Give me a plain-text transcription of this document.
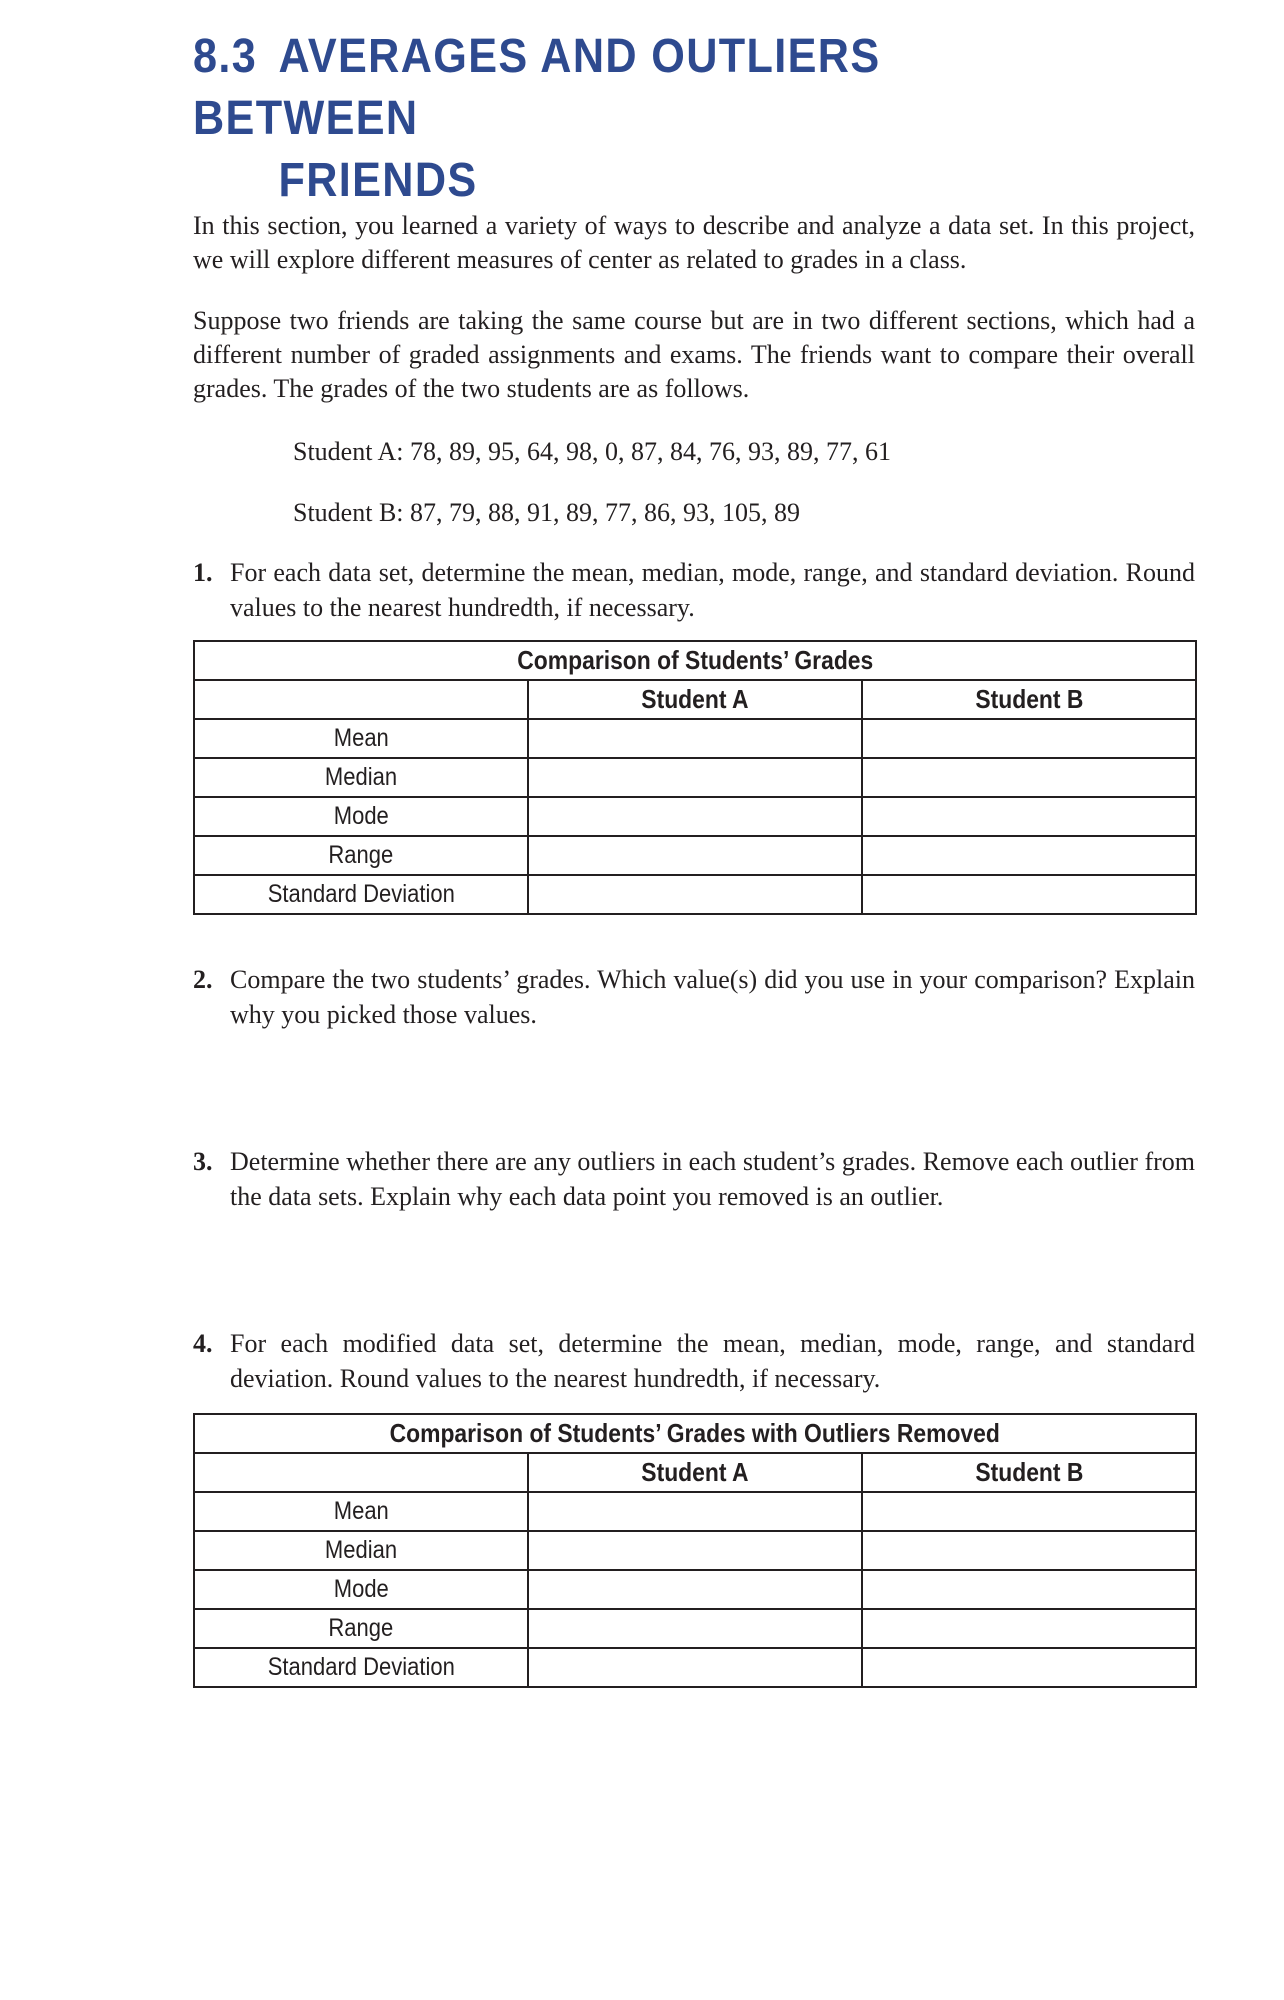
8.3 AVERAGES AND OUTLIERS BETWEEN
FRIENDS
In this section, you learned a variety of ways to describe and analyze a data set. In this project, we will explore different measures of center as related to grades in a class.
Suppose two friends are taking the same course but are in two different sections, which had a different number of graded assignments and exams. The friends want to compare their overall grades. The grades of the two students are as follows.
Student A: 78, 89, 95, 64, 98, 0, 87, 84, 76, 93, 89, 77, 61
Student B: 87, 79, 88, 91, 89, 77, 86, 93, 105, 89
1. For each data set, determine the mean, median, mode, range, and standard deviation. Round values to the nearest hundredth, if necessary.
Comparison of Students’ Grades		
	Student A	Student B
Mean		
Median		
Mode		
Range		
Standard Deviation		
2. Compare the two students’ grades. Which value(s) did you use in your comparison? Explain why you picked those values.
3. Determine whether there are any outliers in each student’s grades. Remove each outlier from the data sets. Explain why each data point you removed is an outlier.
4. For each modified data set, determine the mean, median, mode, range, and standard deviation. Round values to the nearest hundredth, if necessary.
Comparison of Students’ Grades with Outliers Removed		
	Student A	Student B
Mean		
Median		
Mode		
Range		
Standard Deviation		
